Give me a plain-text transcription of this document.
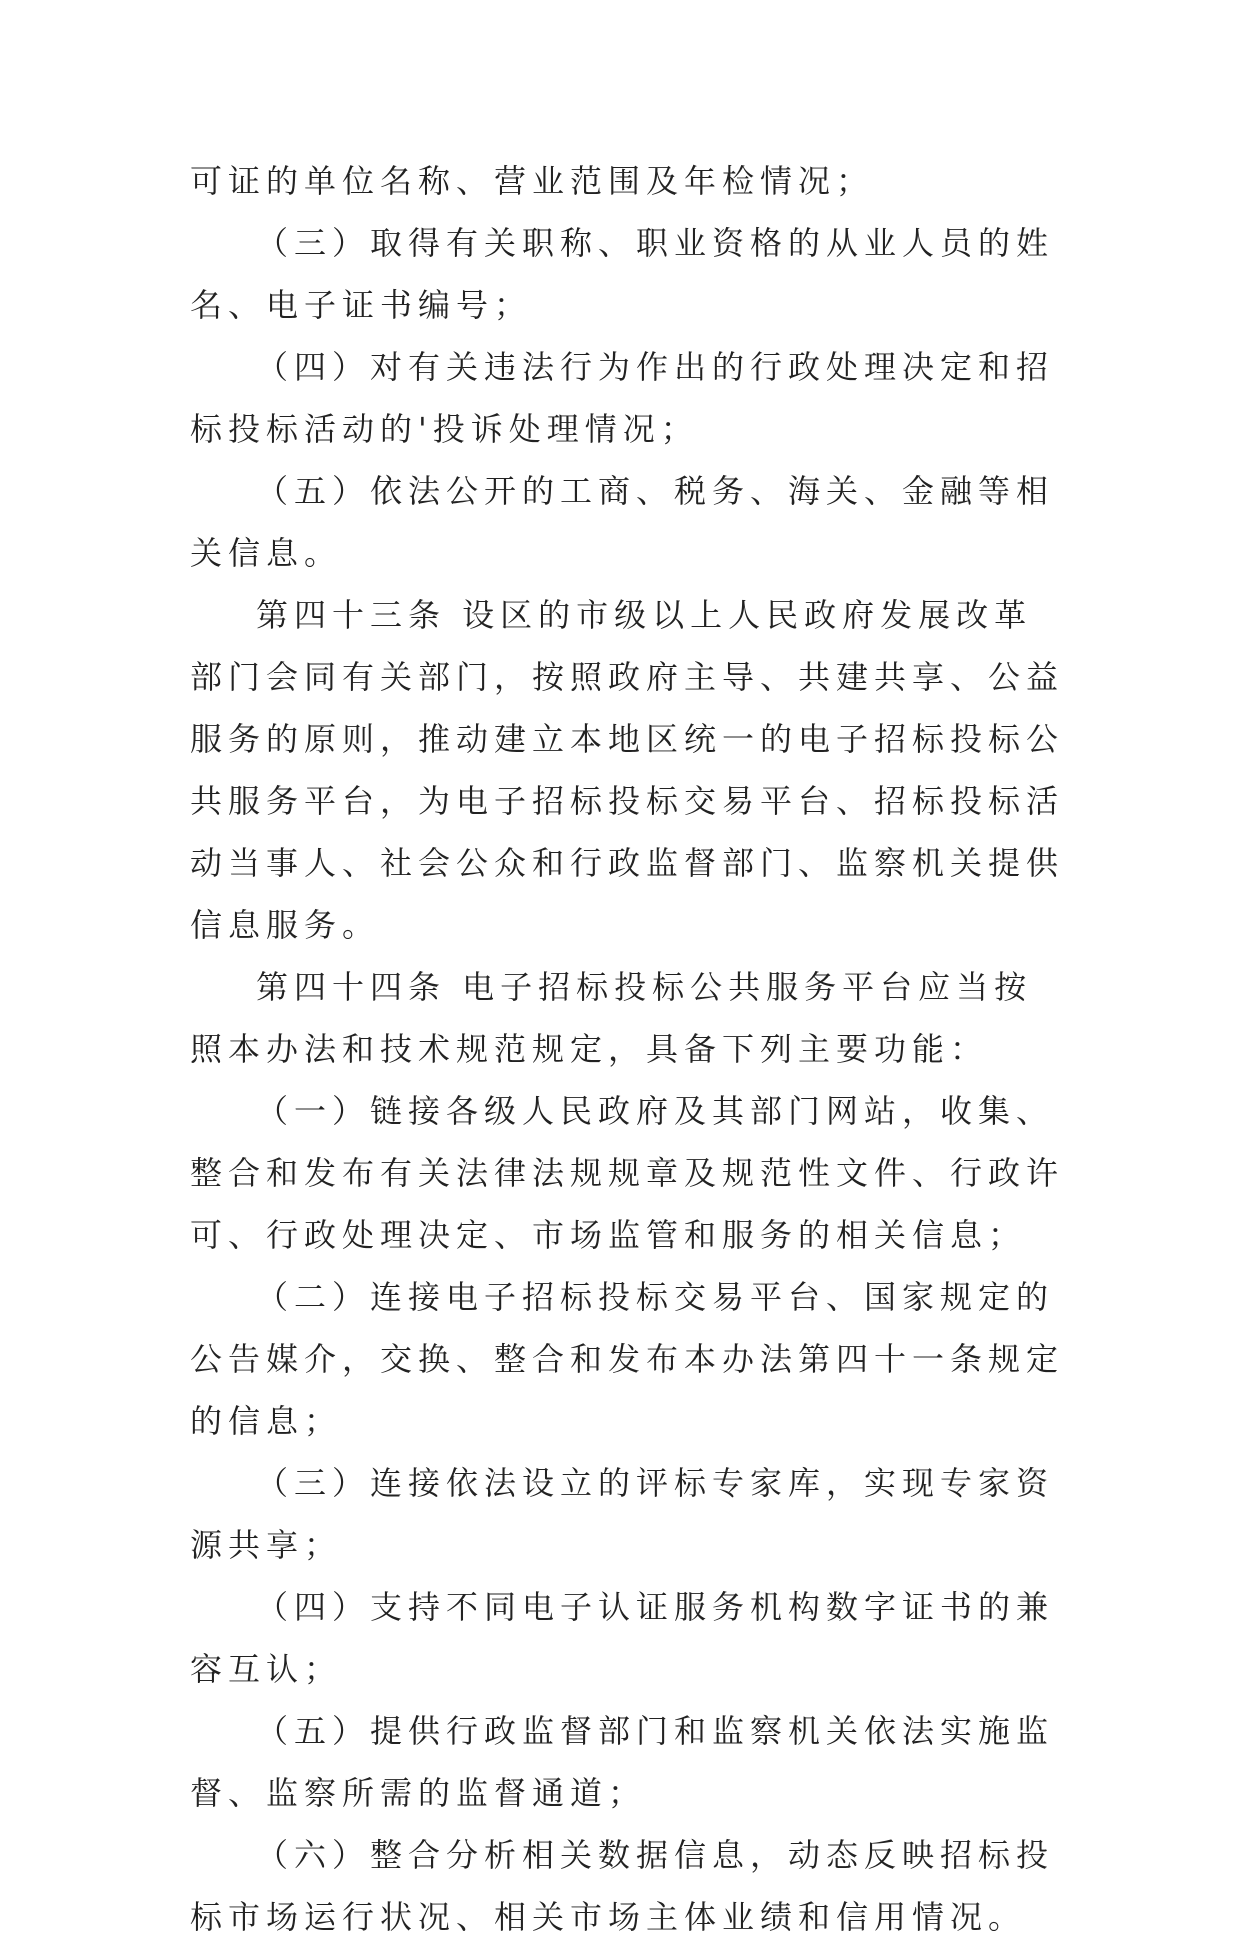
可证的单位名称、营业范围及年检情况；

（三）取得有关职称、职业资格的从业人员的姓名、电子证书编号；

（四）对有关违法行为作出的行政处理决定和招标投标活动的'投诉处理情况；

（五）依法公开的工商、税务、海关、金融等相关信息。

第四十三条 设区的市级以上人民政府发展改革部门会同有关部门，按照政府主导、共建共享、公益服务的原则，推动建立本地区统一的电子招标投标公共服务平台，为电子招标投标交易平台、招标投标活动当事人、社会公众和行政监督部门、监察机关提供信息服务。

第四十四条 电子招标投标公共服务平台应当按照本办法和技术规范规定，具备下列主要功能：

（一）链接各级人民政府及其部门网站，收集、整合和发布有关法律法规规章及规范性文件、行政许可、行政处理决定、市场监管和服务的相关信息；

（二）连接电子招标投标交易平台、国家规定的公告媒介，交换、整合和发布本办法第四十一条规定的信息；

（三）连接依法设立的评标专家库，实现专家资源共享；

（四）支持不同电子认证服务机构数字证书的兼容互认；

（五）提供行政监督部门和监察机关依法实施监督、监察所需的监督通道；

（六）整合分析相关数据信息，动态反映招标投标市场运行状况、相关市场主体业绩和信用情况。
